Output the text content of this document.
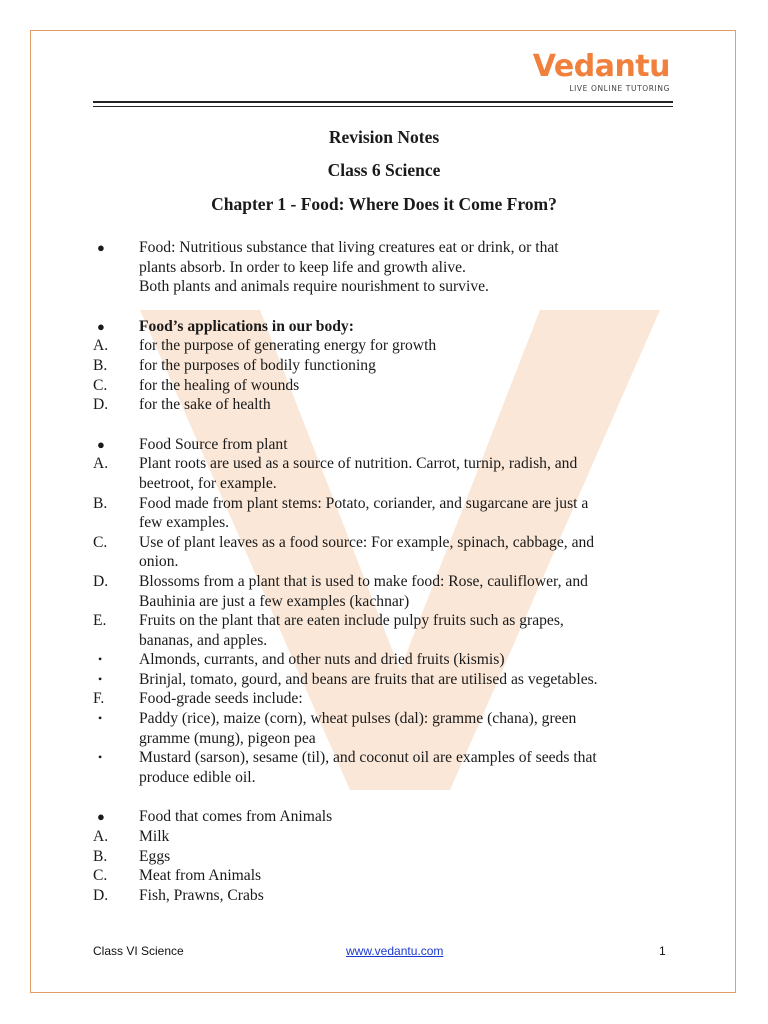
Vedantu
LIVE ONLINE TUTORING
Revision Notes
Class 6 Science
Chapter 1 - Food: Where Does it Come From?
●	Food: Nutritious substance that living creatures eat or drink, or that
plants absorb. In order to keep life and growth alive.
Both plants and animals require nourishment to survive.
●	Food’s applications in our body:
A.	for the purpose of generating energy for growth
B.	for the purposes of bodily functioning
C.	for the healing of wounds
D.	for the sake of health
●	Food Source from plant
A.	Plant roots are used as a source of nutrition. Carrot, turnip, radish, and
beetroot, for example.
B.	Food made from plant stems: Potato, coriander, and sugarcane are just a
few examples.
C.	Use of plant leaves as a food source: For example, spinach, cabbage, and
onion.
D.	Blossoms from a plant that is used to make food: Rose, cauliflower, and
Bauhinia are just a few examples (kachnar)
E.	Fruits on the plant that are eaten include pulpy fruits such as grapes,
bananas, and apples.
•	Almonds, currants, and other nuts and dried fruits (kismis)
•	Brinjal, tomato, gourd, and beans are fruits that are utilised as vegetables.
F.	Food-grade seeds include:
•	Paddy (rice), maize (corn), wheat pulses (dal): gramme (chana), green
gramme (mung), pigeon pea
•	Mustard (sarson), sesame (til), and coconut oil are examples of seeds that
produce edible oil.
●	Food that comes from Animals
A.	Milk
B.	Eggs
C.	Meat from Animals
D.	Fish, Prawns, Crabs
Class VI Science	www.vedantu.com	1
